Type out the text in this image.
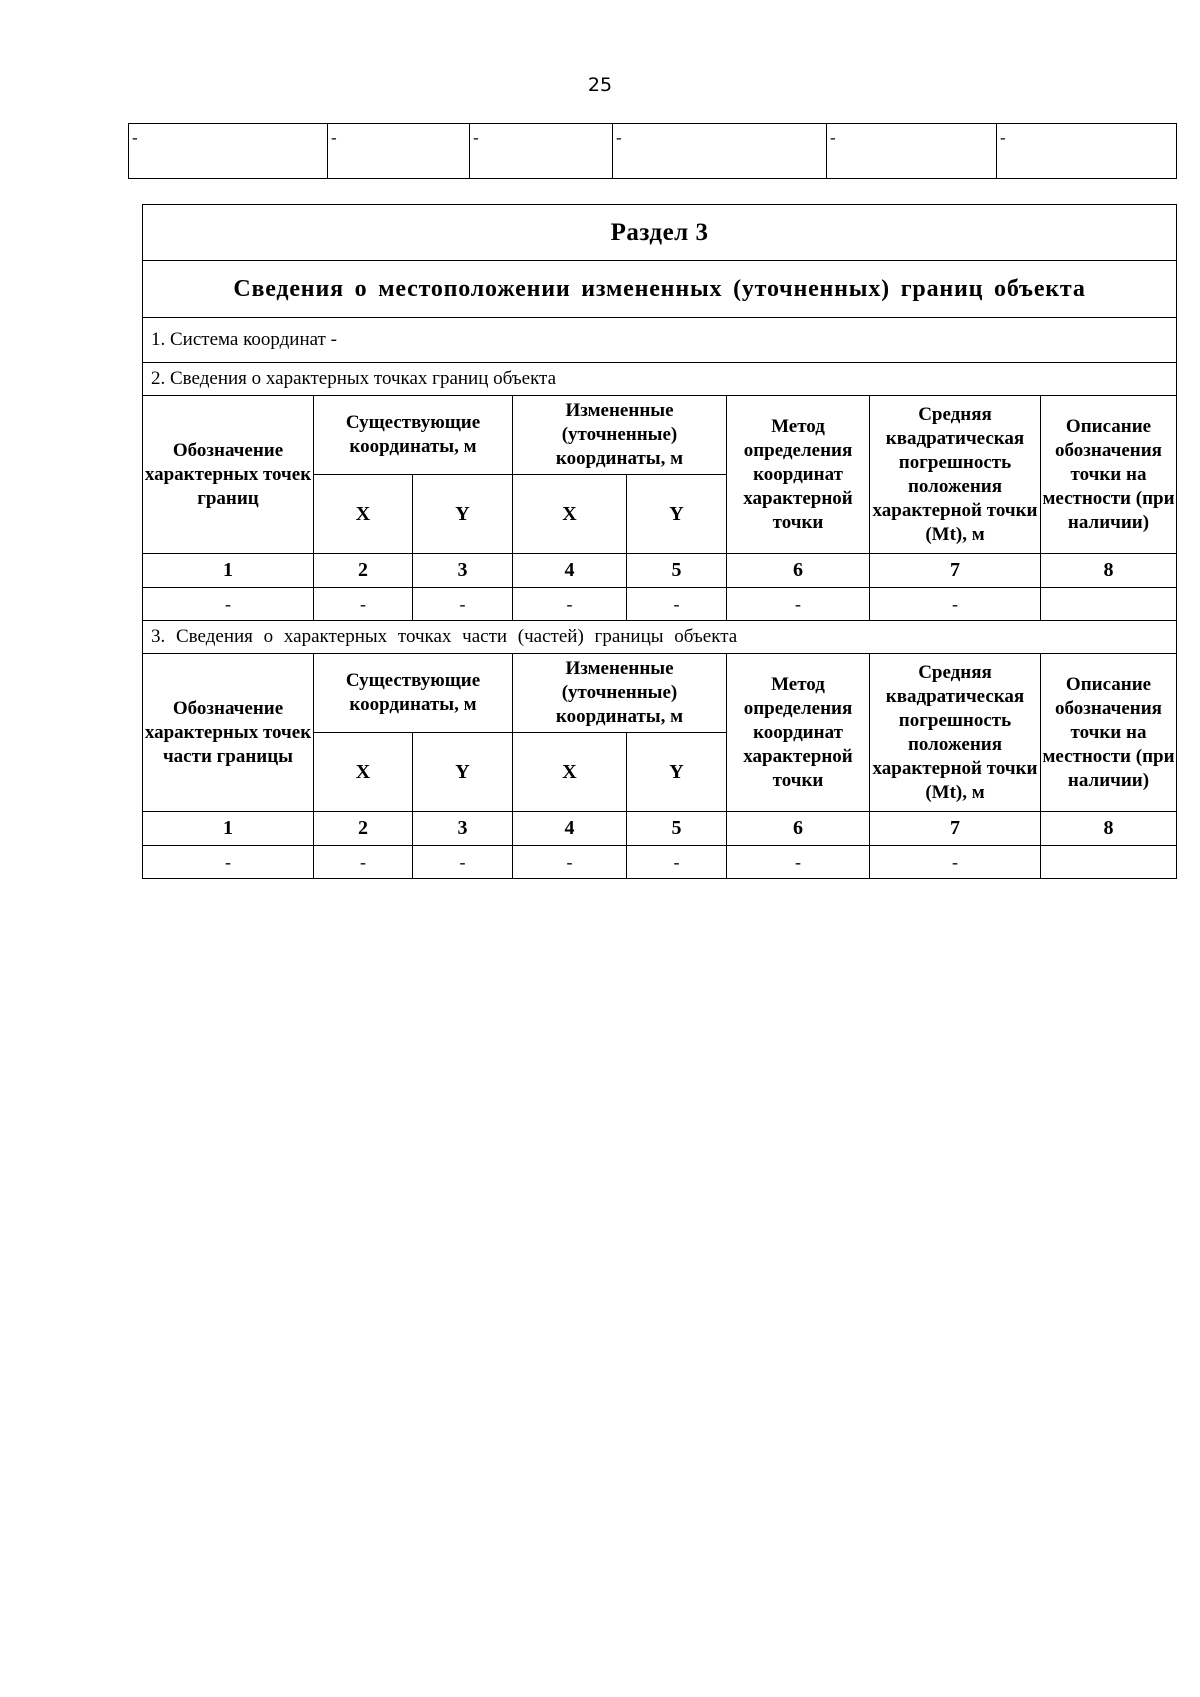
25
-	-	-	-	-	-
Раздел 3							
Сведения о местоположении измененных (уточненных) границ объекта							
1. Система координат -							
2. Сведения о характерных точках границ объекта							
Обозначение характерных точек границ	Существующие координаты, м		Измененные (уточненные) координаты, м		Метод определения координат характерной точки	Средняя квадратическая погрешность положения характерной точки (Mt), м	Описание обозначения точки на местности (при наличии)
	X	Y	X	Y			
1	2	3	4	5	6	7	8
-	-	-	-	-	-	-	
3. Сведения о характерных точках части (частей) границы объекта							
Обозначение характерных точек части границы	Существующие координаты, м		Измененные (уточненные) координаты, м		Метод определения координат характерной точки	Средняя квадратическая погрешность положения характерной точки (Mt), м	Описание обозначения точки на местности (при наличии)
	X	Y	X	Y			
1	2	3	4	5	6	7	8
-	-	-	-	-	-	-	
